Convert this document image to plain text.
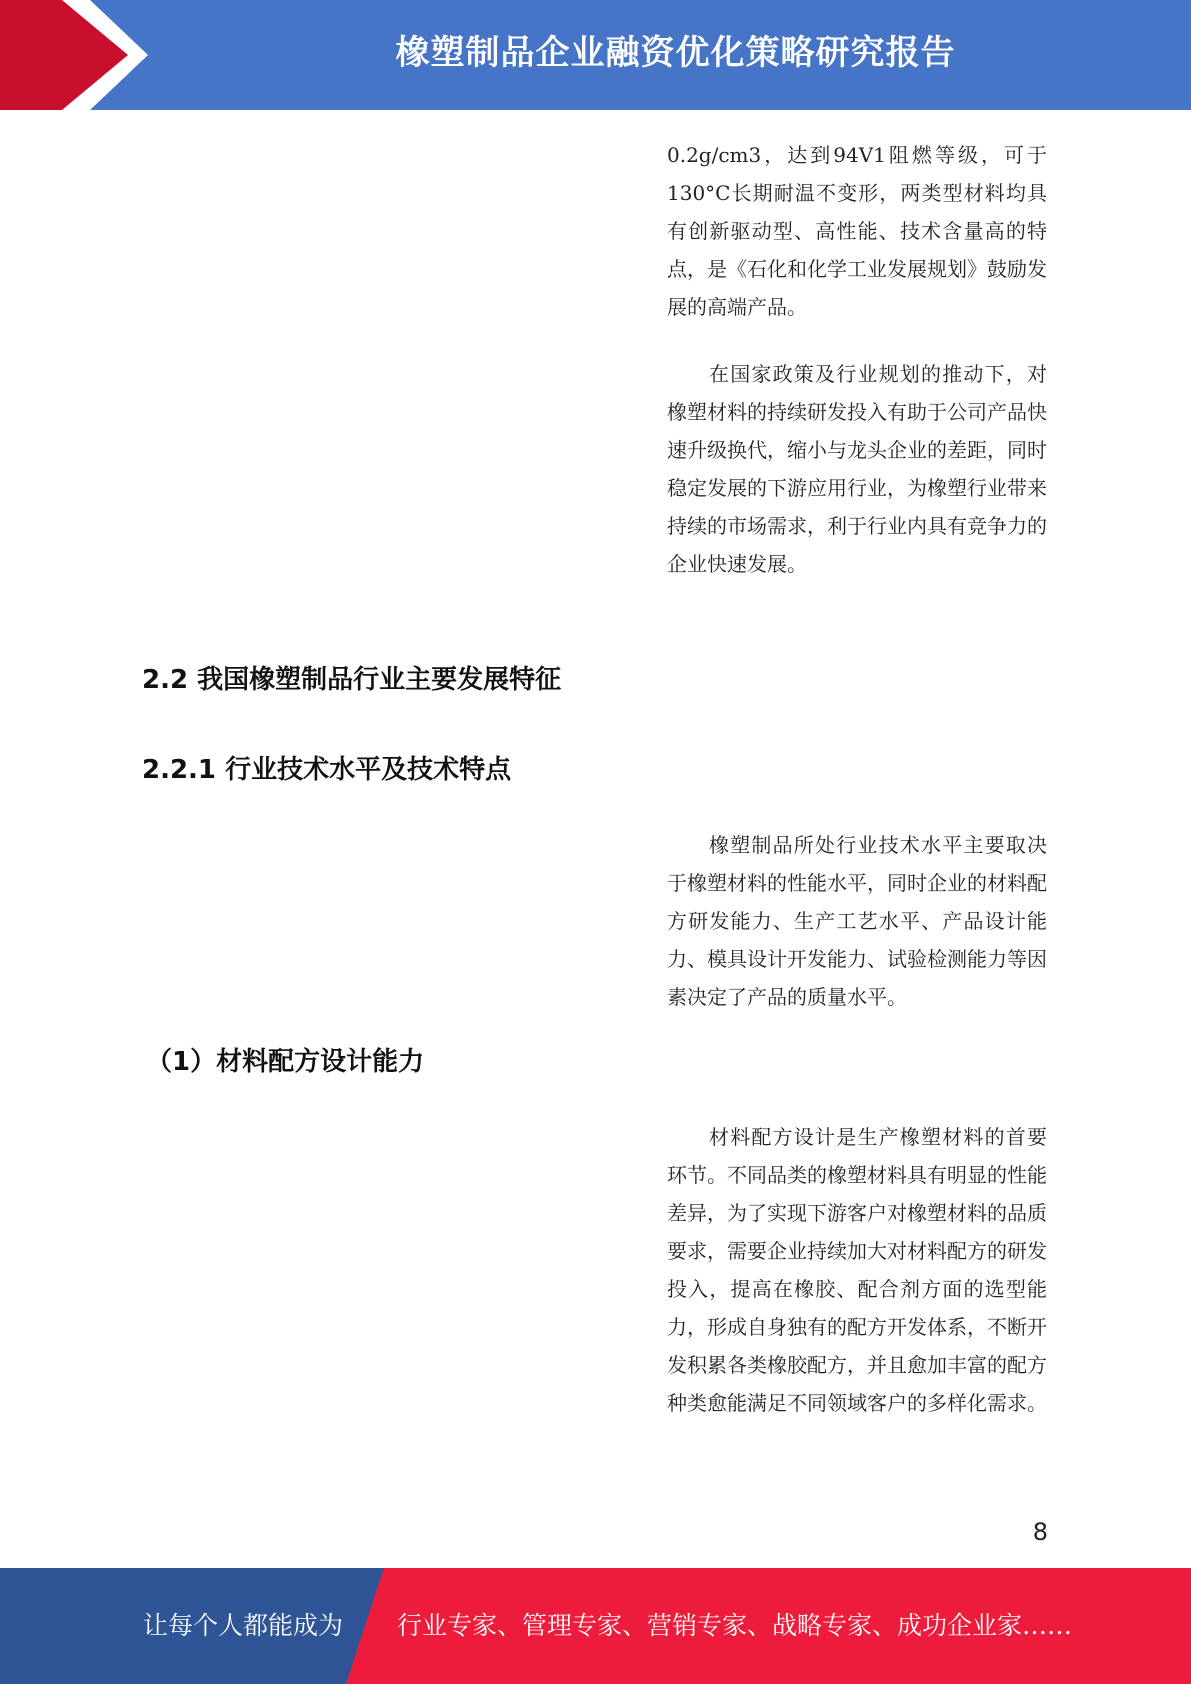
橡塑制品企业融资优化策略研究报告

0.2g/cm3，达到94V1阻燃等级，可于130°C长期耐温不变形，两类型材料均具有创新驱动型、高性能、技术含量高的特点，是《石化和化学工业发展规划》鼓励发展的高端产品。

在国家政策及行业规划的推动下，对橡塑材料的持续研发投入有助于公司产品快速升级换代，缩小与龙头企业的差距，同时稳定发展的下游应用行业，为橡塑行业带来持续的市场需求，利于行业内具有竞争力的企业快速发展。

2.2 我国橡塑制品行业主要发展特征
2.2.1 行业技术水平及技术特点

橡塑制品所处行业技术水平主要取决于橡塑材料的性能水平，同时企业的材料配方研发能力、生产工艺水平、产品设计能力、模具设计开发能力、试验检测能力等因素决定了产品的质量水平。

（1）材料配方设计能力

材料配方设计是生产橡塑材料的首要环节。不同品类的橡塑材料具有明显的性能差异，为了实现下游客户对橡塑材料的品质要求，需要企业持续加大对材料配方的研发投入，提高在橡胶、配合剂方面的选型能力，形成自身独有的配方开发体系，不断开发积累各类橡胶配方，并且愈加丰富的配方种类愈能满足不同领域客户的多样化需求。

8
让每个人都能成为 行业专家、管理专家、营销专家、战略专家、成功企业家……
